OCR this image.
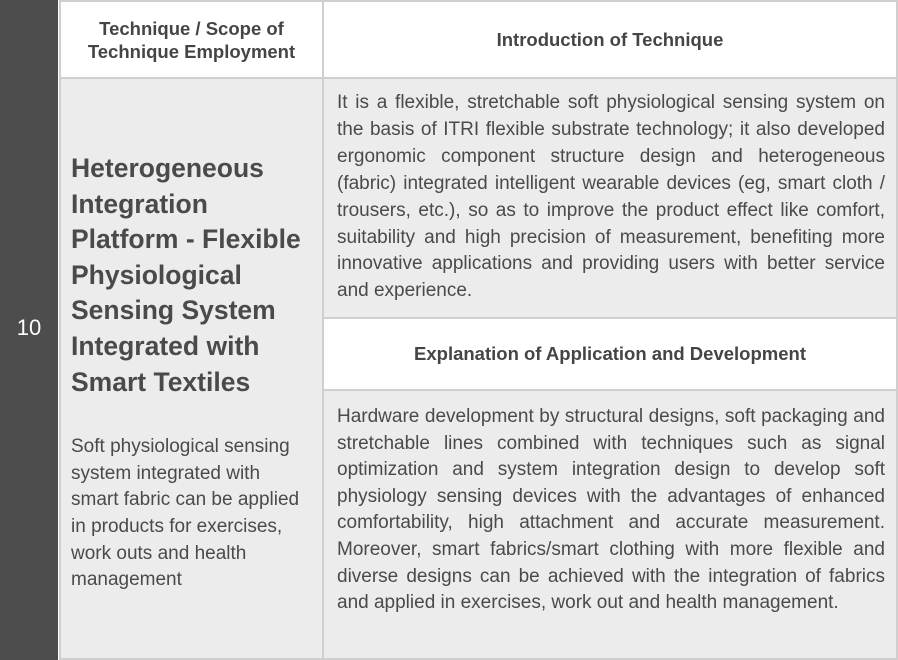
10
Technique / Scope of Technique Employment
Introduction of Technique
Heterogeneous Integration Platform - Flexible Physiological Sensing System Integrated with Smart Textiles
Soft physiological sensing system integrated with smart fabric can be applied in products for exercises, work outs and health management
It is a flexible, stretchable soft physiological sensing system on the basis of ITRI flexible substrate technology; it also developed ergonomic component structure design and heterogeneous (fabric) integrated intelligent wearable devices (eg, smart cloth / trousers, etc.), so as to improve the product effect like comfort, suitability and high precision of measurement, benefiting more innovative applications and providing users with better service and experience.
Explanation of Application and Development
Hardware development by structural designs, soft packaging and stretchable lines combined with techniques such as signal optimization and system integration design to develop soft physiology sensing devices with the advantages of enhanced comfortability, high attachment and accurate measurement. Moreover, smart fabrics/smart clothing with more flexible and diverse designs can be achieved with the integration of fabrics and applied in exercises, work out and health management.
